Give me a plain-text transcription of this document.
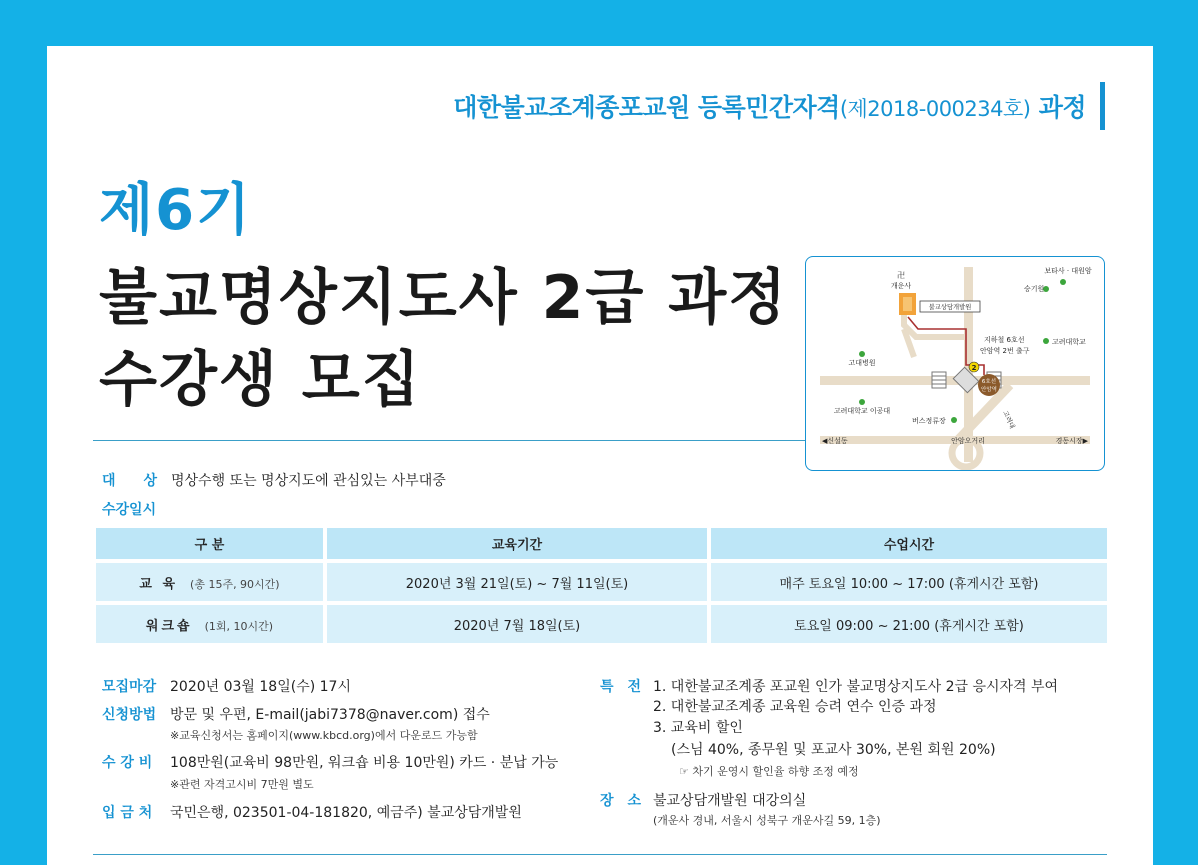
대한불교조계종포교원 등록민간자격(제2018-000234호) 과정
제6기
불교명상지도사 2급 과정
수강생 모집
卍
개운사
불교상담개발원
보타사 · 대원암
승기원
지하철 6호선
안암역 2번 출구
2
6호선
안암역
고려대학교
고대병원
고려대학교 이공대
버스정류장	고려대
◀신설동	안암오거리	경동시장▶
대　　상 명상수행 또는 명상지도에 관심있는 사부대중
수강일시
구 분	교육기간	수업시간
교 육 (총 15주, 90시간)	2020년 3월 21일(토) ~ 7월 11일(토)	매주 토요일 10:00 ~ 17:00 (휴게시간 포함)
워크숍 (1회, 10시간)	2020년 7월 18일(토)	토요일 09:00 ~ 21:00 (휴게시간 포함)
모집마감 2020년 03월 18일(수) 17시
신청방법 방문 및 우편, E-mail(jabi7378@naver.com) 접수
※교육신청서는 홈페이지(www.kbcd.org)에서 다운로드 가능함
수 강 비 108만원(교육비 98만원, 워크숍 비용 10만원) 카드 · 분납 가능
※관련 자격고시비 7만원 별도
입 금 처 국민은행, 023501-04-181820, 예금주) 불교상담개발원
특　전 1. 대한불교조계종 포교원 인가 불교명상지도사 2급 응시자격 부여
2. 대한불교조계종 교육원 승려 연수 인증 과정
3. 교육비 할인
(스님 40%, 종무원 및 포교사 30%, 본원 회원 20%)
☞ 차기 운영시 할인율 하향 조정 예정
장　소 불교상담개발원 대강의실
(개운사 경내, 서울시 성북구 개운사길 59, 1층)
